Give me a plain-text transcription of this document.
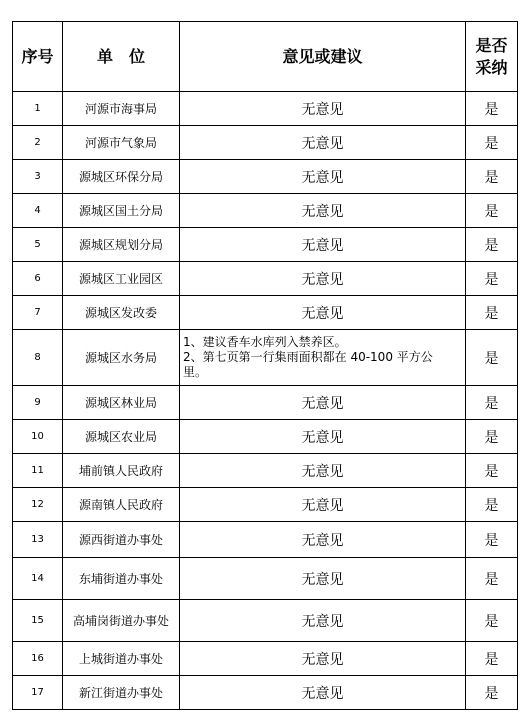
序号	单　位	意见或建议	是否
采纳

1	河源市海事局	无意见	是
2	河源市气象局	无意见	是
3	源城区环保分局	无意见	是
4	源城区国土分局	无意见	是
5	源城区规划分局	无意见	是
6	源城区工业园区	无意见	是
7	源城区发改委	无意见	是
8	源城区水务局	1、建议香车水库列入禁养区。
2、第七页第一行集雨面积都在 40-100 平方公
里。	是
9	源城区林业局	无意见	是
10	源城区农业局	无意见	是
11	埔前镇人民政府	无意见	是
12	源南镇人民政府	无意见	是
13	源西街道办事处	无意见	是
14	东埔街道办事处	无意见	是
15	高埔岗街道办事处	无意见	是
16	上城街道办事处	无意见	是
17	新江街道办事处	无意见	是
